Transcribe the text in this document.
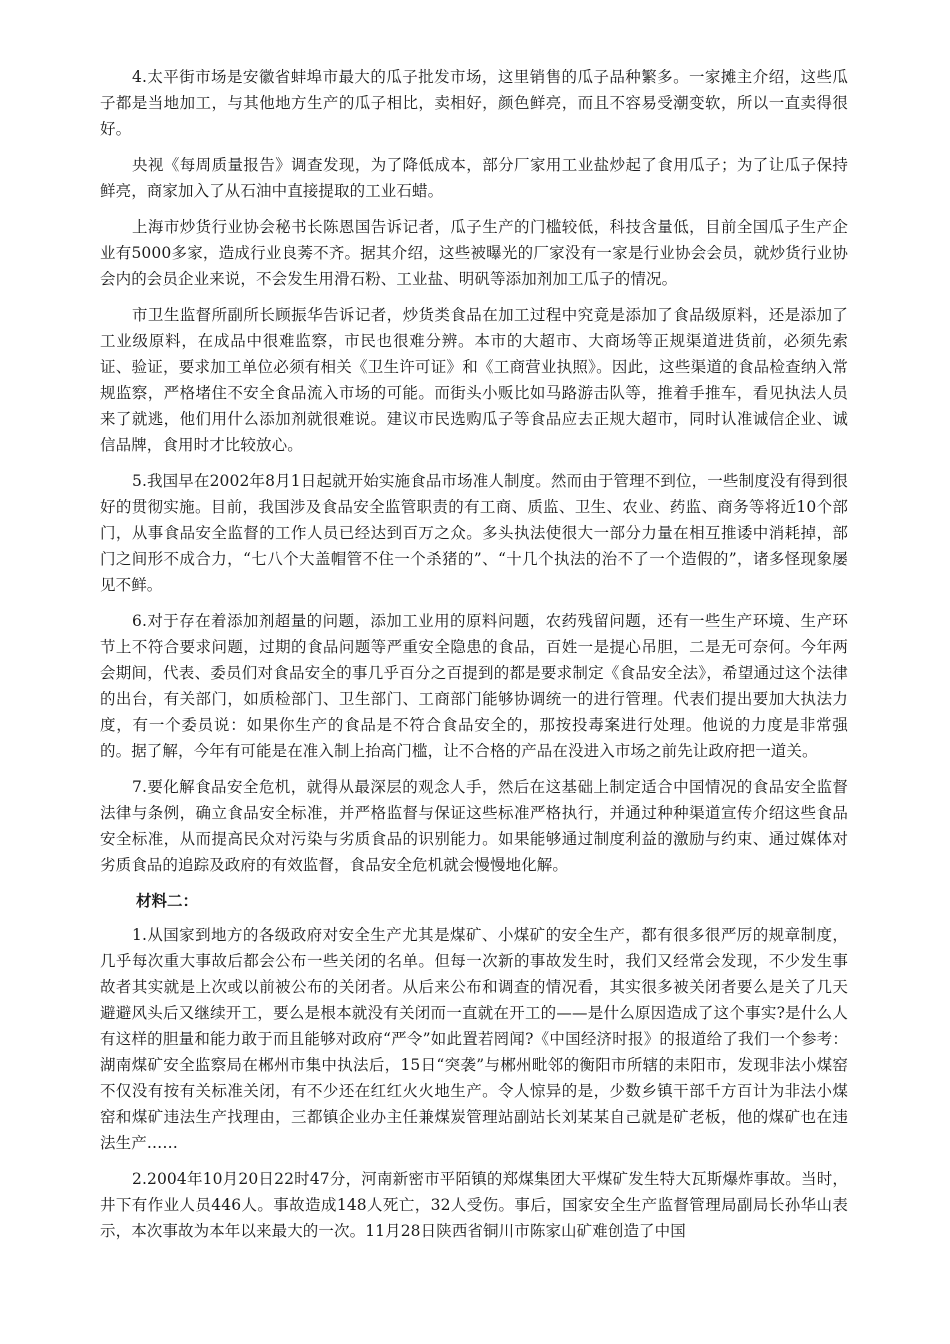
4.太平街市场是安徽省蚌埠市最大的瓜子批发市场，这里销售的瓜子品种繁多。一家摊主介绍，这些瓜子都是当地加工，与其他地方生产的瓜子相比，卖相好，颜色鲜亮，而且不容易受潮变软，所以一直卖得很好。

央视《每周质量报告》调查发现，为了降低成本，部分厂家用工业盐炒起了食用瓜子；为了让瓜子保持鲜亮，商家加入了从石油中直接提取的工业石蜡。

上海市炒货行业协会秘书长陈恩国告诉记者，瓜子生产的门槛较低，科技含量低，目前全国瓜子生产企业有5000多家，造成行业良莠不齐。据其介绍，这些被曝光的厂家没有一家是行业协会会员，就炒货行业协会内的会员企业来说，不会发生用滑石粉、工业盐、明矾等添加剂加工瓜子的情况。

市卫生监督所副所长顾振华告诉记者，炒货类食品在加工过程中究竟是添加了食品级原料，还是添加了工业级原料，在成品中很难监察，市民也很难分辨。本市的大超市、大商场等正规渠道进货前，必须先索证、验证，要求加工单位必须有相关《卫生许可证》和《工商营业执照》。因此，这些渠道的食品检查纳入常规监察，严格堵住不安全食品流入市场的可能。而街头小贩比如马路游击队等，推着手推车，看见执法人员来了就逃，他们用什么添加剂就很难说。建议市民选购瓜子等食品应去正规大超市，同时认准诚信企业、诚信品牌，食用时才比较放心。

5.我国早在2002年8月1日起就开始实施食品市场准人制度。然而由于管理不到位，一些制度没有得到很好的贯彻实施。目前，我国涉及食品安全监管职责的有工商、质监、卫生、农业、药监、商务等将近10个部门，从事食品安全监督的工作人员已经达到百万之众。多头执法使很大一部分力量在相互推诿中消耗掉，部门之间形不成合力，“七八个大盖帽管不住一个杀猪的”、“十几个执法的治不了一个造假的”，诸多怪现象屡见不鲜。

6.对于存在着添加剂超量的问题，添加工业用的原料问题，农药残留问题，还有一些生产环境、生产环节上不符合要求问题，过期的食品问题等严重安全隐患的食品，百姓一是提心吊胆，二是无可奈何。今年两会期间，代表、委员们对食品安全的事几乎百分之百提到的都是要求制定《食品安全法》，希望通过这个法律的出台，有关部门，如质检部门、卫生部门、工商部门能够协调统一的进行管理。代表们提出要加大执法力度，有一个委员说：如果你生产的食品是不符合食品安全的，那按投毒案进行处理。他说的力度是非常强的。据了解，今年有可能是在准入制上抬高门槛，让不合格的产品在没进入市场之前先让政府把一道关。

7.要化解食品安全危机，就得从最深层的观念人手，然后在这基础上制定适合中国情况的食品安全监督法律与条例，确立食品安全标准，并严格监督与保证这些标准严格执行，并通过种种渠道宣传介绍这些食品安全标准，从而提高民众对污染与劣质食品的识别能力。如果能够通过制度利益的激励与约束、通过媒体对劣质食品的追踪及政府的有效监督，食品安全危机就会慢慢地化解。

材料二：

1.从国家到地方的各级政府对安全生产尤其是煤矿、小煤矿的安全生产，都有很多很严厉的规章制度，几乎每次重大事故后都会公布一些关闭的名单。但每一次新的事故发生时，我们又经常会发现，不少发生事故者其实就是上次或以前被公布的关闭者。从后来公布和调查的情况看，其实很多被关闭者要么是关了几天避避风头后又继续开工，要么是根本就没有关闭而一直就在开工的——是什么原因造成了这个事实?是什么人有这样的胆量和能力敢于而且能够对政府“严令”如此置若罔闻?《中国经济时报》的报道给了我们一个参考：湖南煤矿安全监察局在郴州市集中执法后，15日“突袭”与郴州毗邻的衡阳市所辖的耒阳市，发现非法小煤窑不仅没有按有关标准关闭，有不少还在红红火火地生产。令人惊异的是，少数乡镇干部千方百计为非法小煤窑和煤矿违法生产找理由，三都镇企业办主任兼煤炭管理站副站长刘某某自己就是矿老板，他的煤矿也在违法生产……

2.2004年10月20日22时47分，河南新密市平陌镇的郑煤集团大平煤矿发生特大瓦斯爆炸事故。当时，井下有作业人员446人。事故造成148人死亡，32人受伤。事后，国家安全生产监督管理局副局长孙华山表示，本次事故为本年以来最大的一次。11月28日陕西省铜川市陈家山矿难创造了中国
